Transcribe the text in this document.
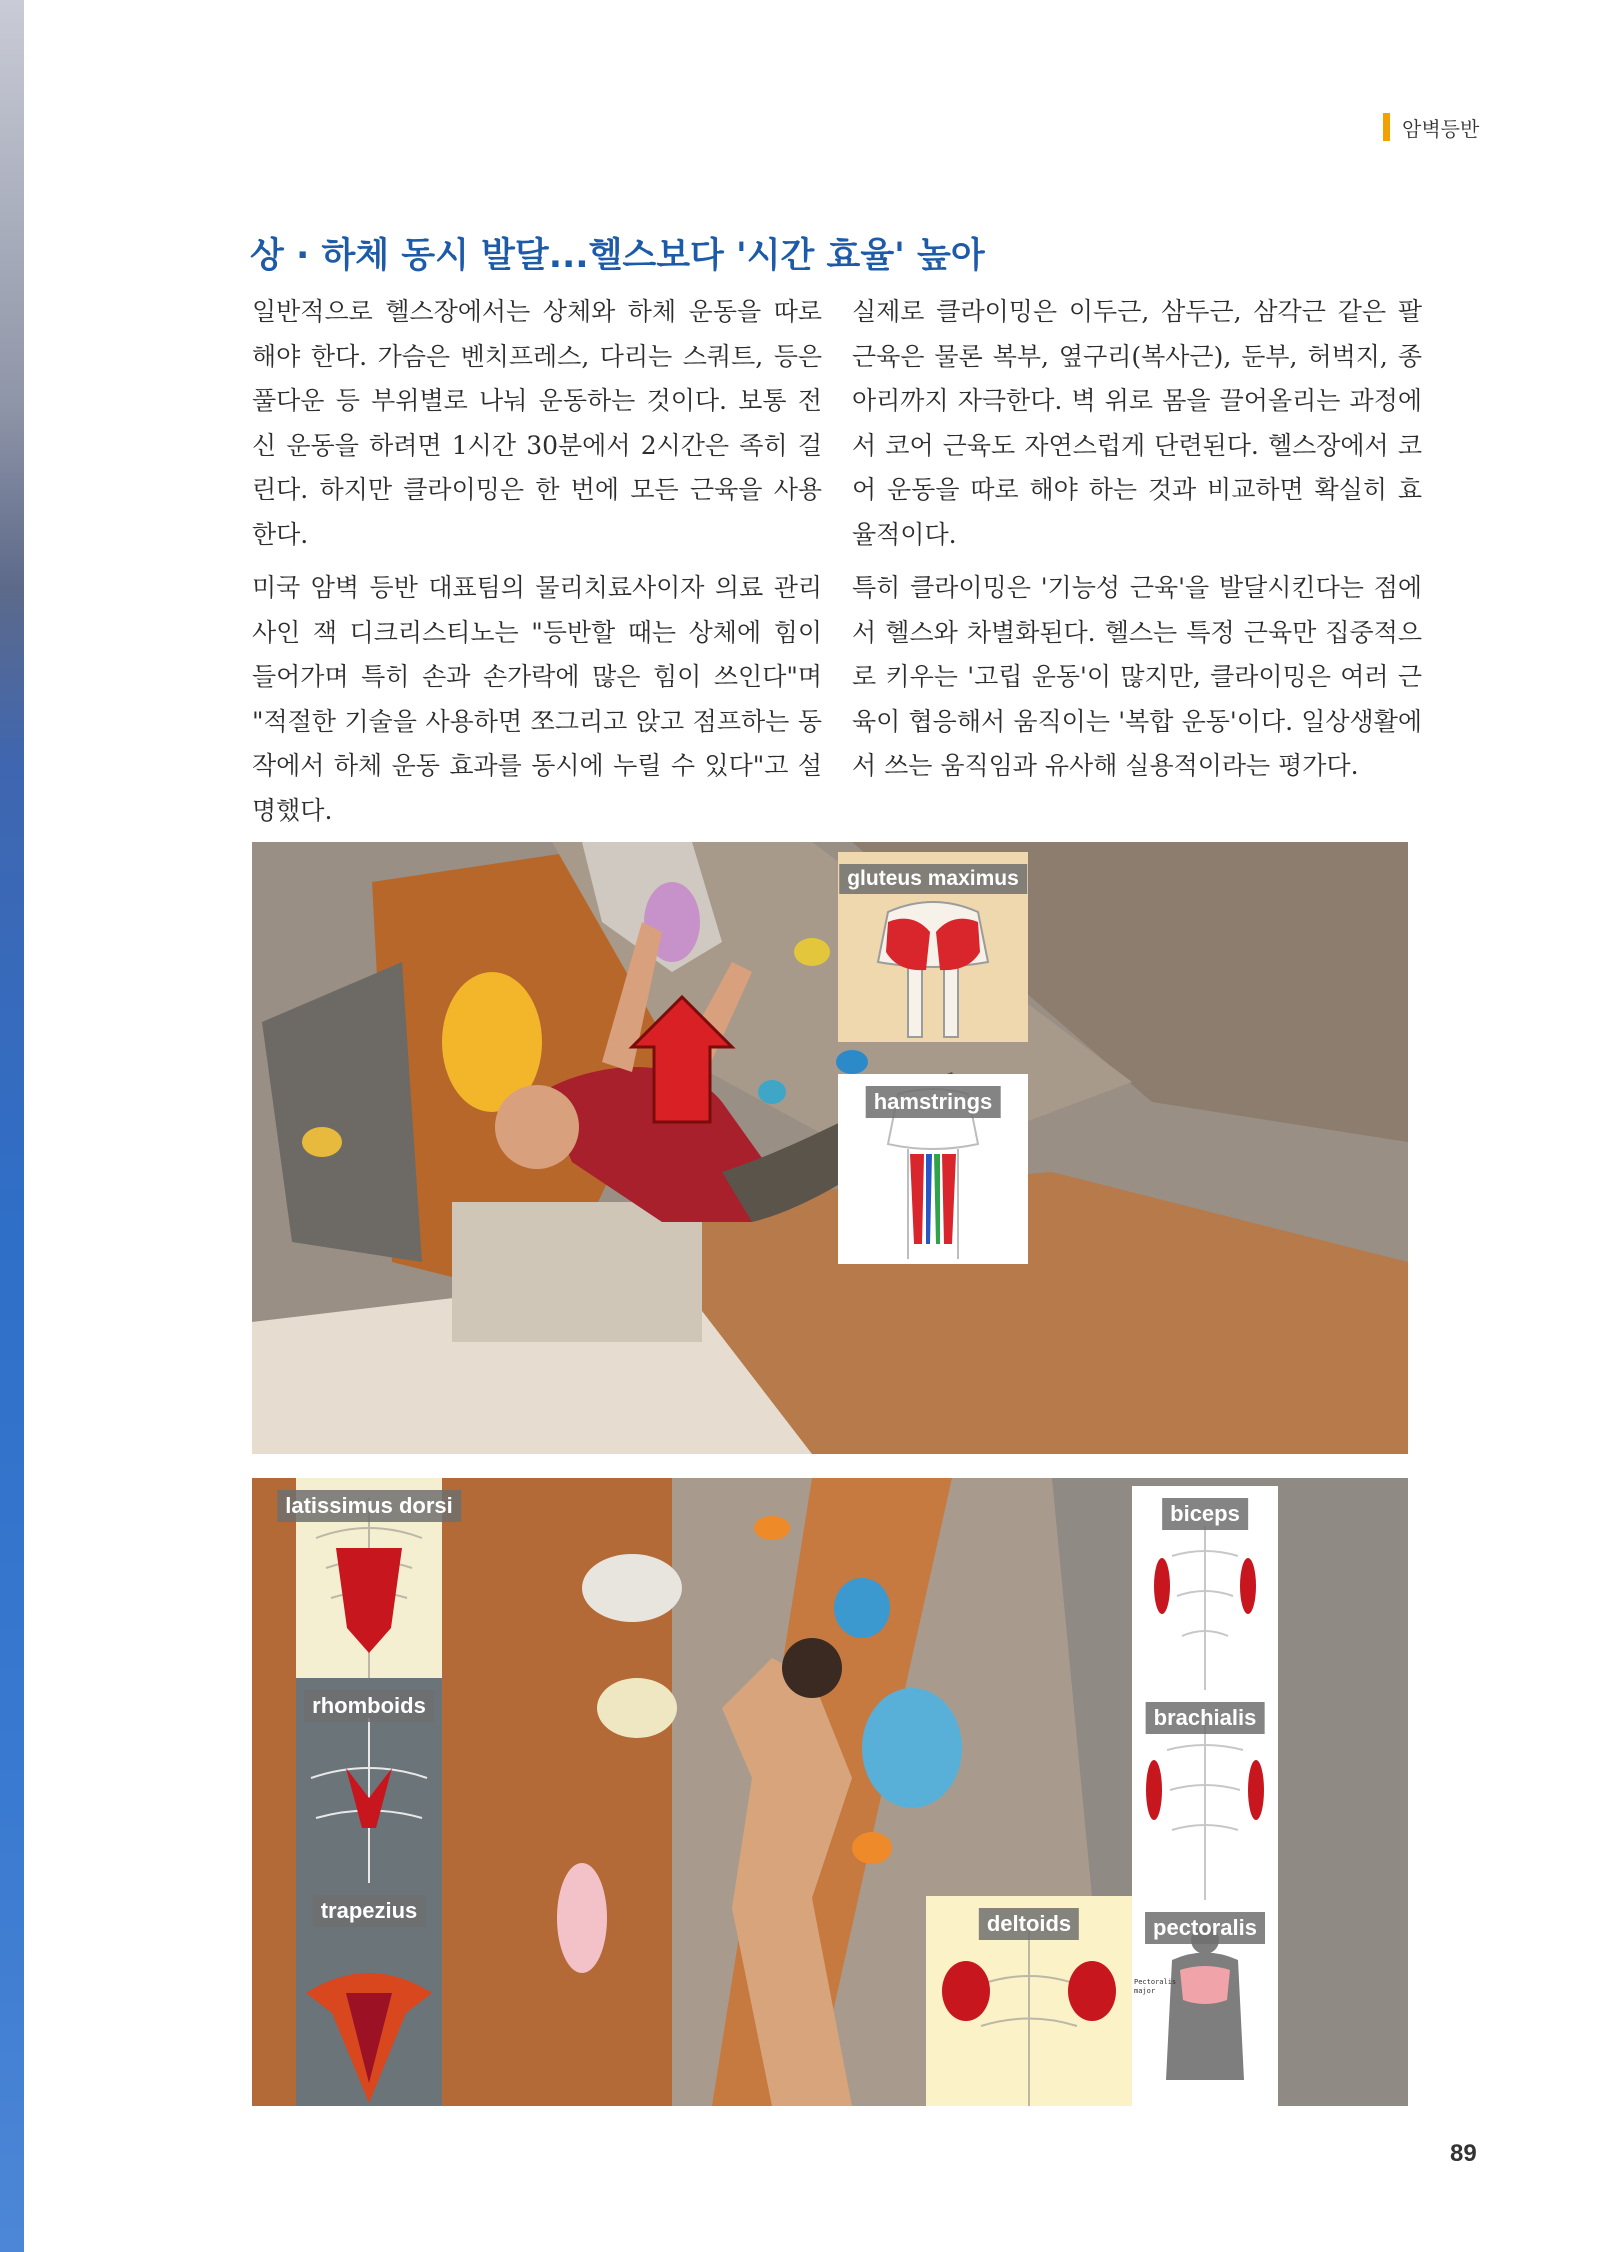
암벽등반
상 · 하체 동시 발달...헬스보다 '시간 효율' 높아

일반적으로 헬스장에서는 상체와 하체 운동을 따로 해야 한다. 가슴은 벤치프레스, 다리는 스쿼트, 등은 풀다운 등 부위별로 나눠 운동하는 것이다. 보통 전신 운동을 하려면 1시간 30분에서 2시간은 족히 걸린다. 하지만 클라이밍은 한 번에 모든 근육을 사용한다.

실제로 클라이밍은 이두근, 삼두근, 삼각근 같은 팔 근육은 물론 복부, 옆구리(복사근), 둔부, 허벅지, 종아리까지 자극한다. 벽 위로 몸을 끌어올리는 과정에서 코어 근육도 자연스럽게 단련된다. 헬스장에서 코어 운동을 따로 해야 하는 것과 비교하면 확실히 효율적이다.

미국 암벽 등반 대표팀의 물리치료사이자 의료 관리사인 잭 디크리스티노는 "등반할 때는 상체에 힘이 들어가며 특히 손과 손가락에 많은 힘이 쓰인다"며 "적절한 기술을 사용하면 쪼그리고 앉고 점프하는 동작에서 하체 운동 효과를 동시에 누릴 수 있다"고 설명했다.

특히 클라이밍은 '기능성 근육'을 발달시킨다는 점에서 헬스와 차별화된다. 헬스는 특정 근육만 집중적으로 키우는 '고립 운동'이 많지만, 클라이밍은 여러 근육이 협응해서 움직이는 '복합 운동'이다. 일상생활에서 쓰는 움직임과 유사해 실용적이라는 평가다.

gluteus maximus
hamstrings
latissimus dorsi
rhomboids
trapezius
biceps
brachialis
deltoids	pectoralis
Pectoralis major
89
